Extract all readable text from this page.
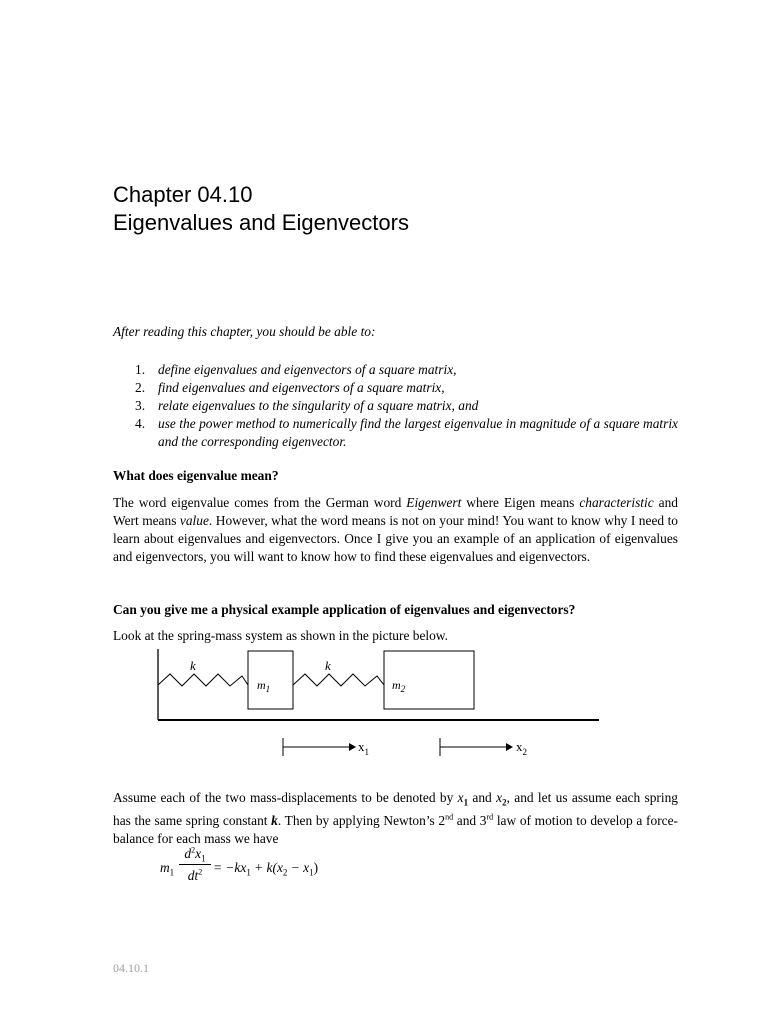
Chapter 04.10
Eigenvalues and Eigenvectors
After reading this chapter, you should be able to:
1. define eigenvalues and eigenvectors of a square matrix,
2. find eigenvalues and eigenvectors of a square matrix,
3. relate eigenvalues to the singularity of a square matrix, and
4. use the power method to numerically find the largest eigenvalue in magnitude of a square matrix and the corresponding eigenvector.
What does eigenvalue mean?
The word eigenvalue comes from the German word Eigenwert where Eigen means characteristic and Wert means value. However, what the word means is not on your mind! You want to know why I need to learn about eigenvalues and eigenvectors. Once I give you an example of an application of eigenvalues and eigenvectors, you will want to know how to find these eigenvalues and eigenvectors.
Can you give me a physical example application of eigenvalues and eigenvectors?
Look at the spring-mass system as shown in the picture below.
k	k
$m_1$	$m_2$
$x_1$	$x_2$
Assume each of the two mass-displacements to be denoted by $x_1$ and $x_2$, and let us assume each spring has the same spring constant k. Then by applying Newton’s 2nd and 3rd law of motion to develop a force-balance for each mass we have
$m_1$
$d^2x_1$
$dt^2 = -kx_1 + k(x_2 - x_1)$
04.10.1
